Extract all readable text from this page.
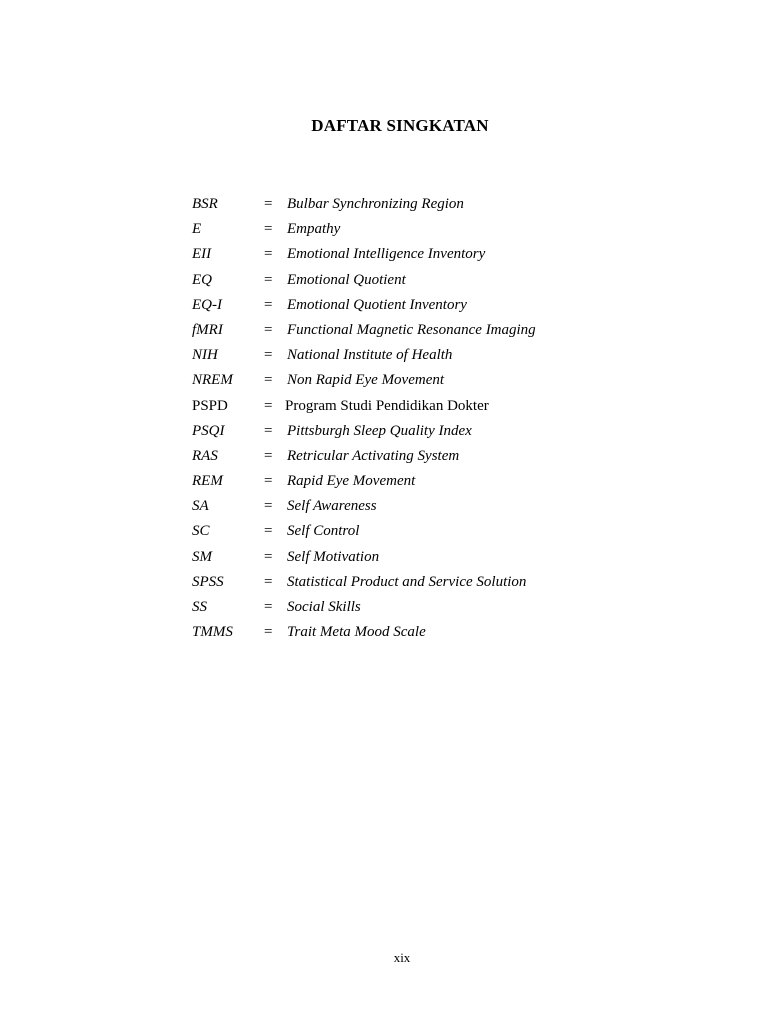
DAFTAR SINGKATAN
BSR	= Bulbar Synchronizing Region
E	= Empathy
EII	= Emotional Intelligence Inventory
EQ	= Emotional Quotient
EQ-I	= Emotional Quotient Inventory
fMRI	= Functional Magnetic Resonance Imaging
NIH	= National Institute of Health
NREM = Non Rapid Eye Movement
PSPD = Program Studi Pendidikan Dokter
PSQI	= Pittsburgh Sleep Quality Index
RAS	= Retricular Activating System
REM	= Rapid Eye Movement
SA	= Self Awareness
SC	= Self Control
SM	= Self Motivation
SPSS	= Statistical Product and Service Solution
SS	= Social Skills
TMMS = Trait Meta Mood Scale
xix
